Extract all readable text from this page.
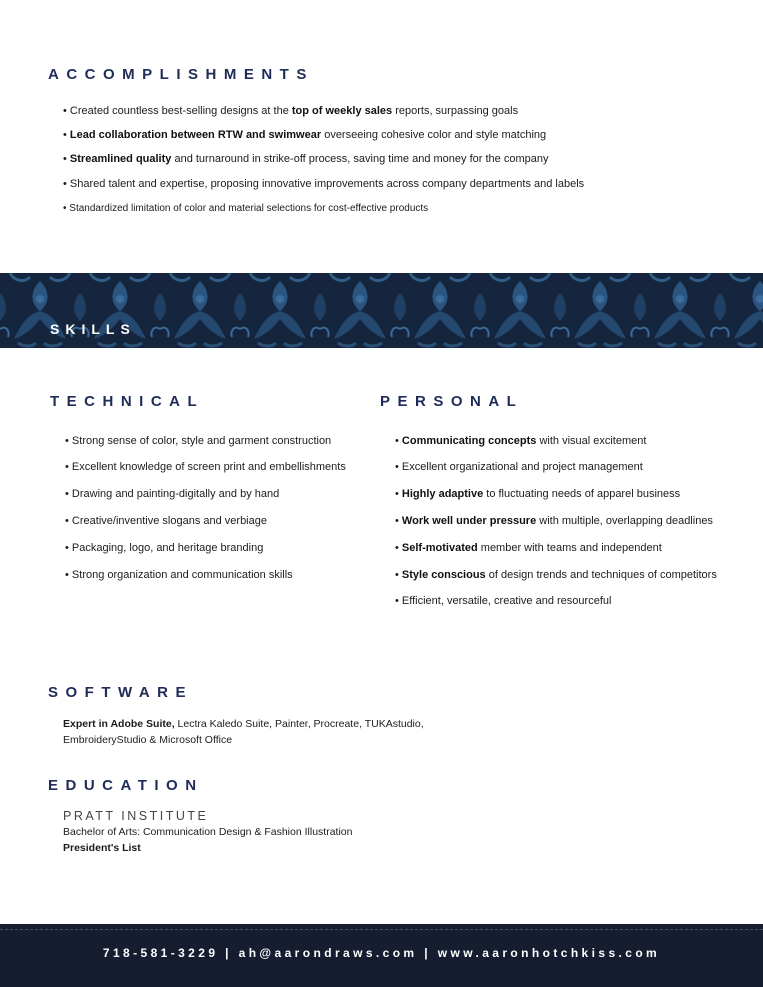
ACCOMPLISHMENTS
• Created countless best-selling designs at the top of weekly sales reports, surpassing goals
• Lead collaboration between RTW and swimwear overseeing cohesive color and style matching
• Streamlined quality and turnaround in strike-off process, saving time and money for the company
• Shared talent and expertise, proposing innovative improvements across company departments and labels
• Standardized limitation of color and material selections for cost-effective products
SKILLS
TECHNICAL
• Strong sense of color, style and garment construction
• Excellent knowledge of screen print and embellishments
• Drawing and painting-digitally and by hand
• Creative/inventive slogans and verbiage
• Packaging, logo, and heritage branding
• Strong organization and communication skills
PERSONAL
• Communicating concepts with visual excitement
• Excellent organizational and project management
• Highly adaptive to fluctuating needs of apparel business
• Work well under pressure with multiple, overlapping deadlines
• Self-motivated member with teams and independent
• Style conscious of design trends and techniques of competitors
• Efficient, versatile, creative and resourceful
SOFTWARE
Expert in Adobe Suite, Lectra Kaledo Suite, Painter, Procreate, TUKAstudio,
EmbroideryStudio & Microsoft Office
EDUCATION
PRATT INSTITUTE
Bachelor of Arts: Communication Design & Fashion Illustration
President's List
718-581-3229 | ah@aarondraws.com | www.aaronhotchkiss.com
